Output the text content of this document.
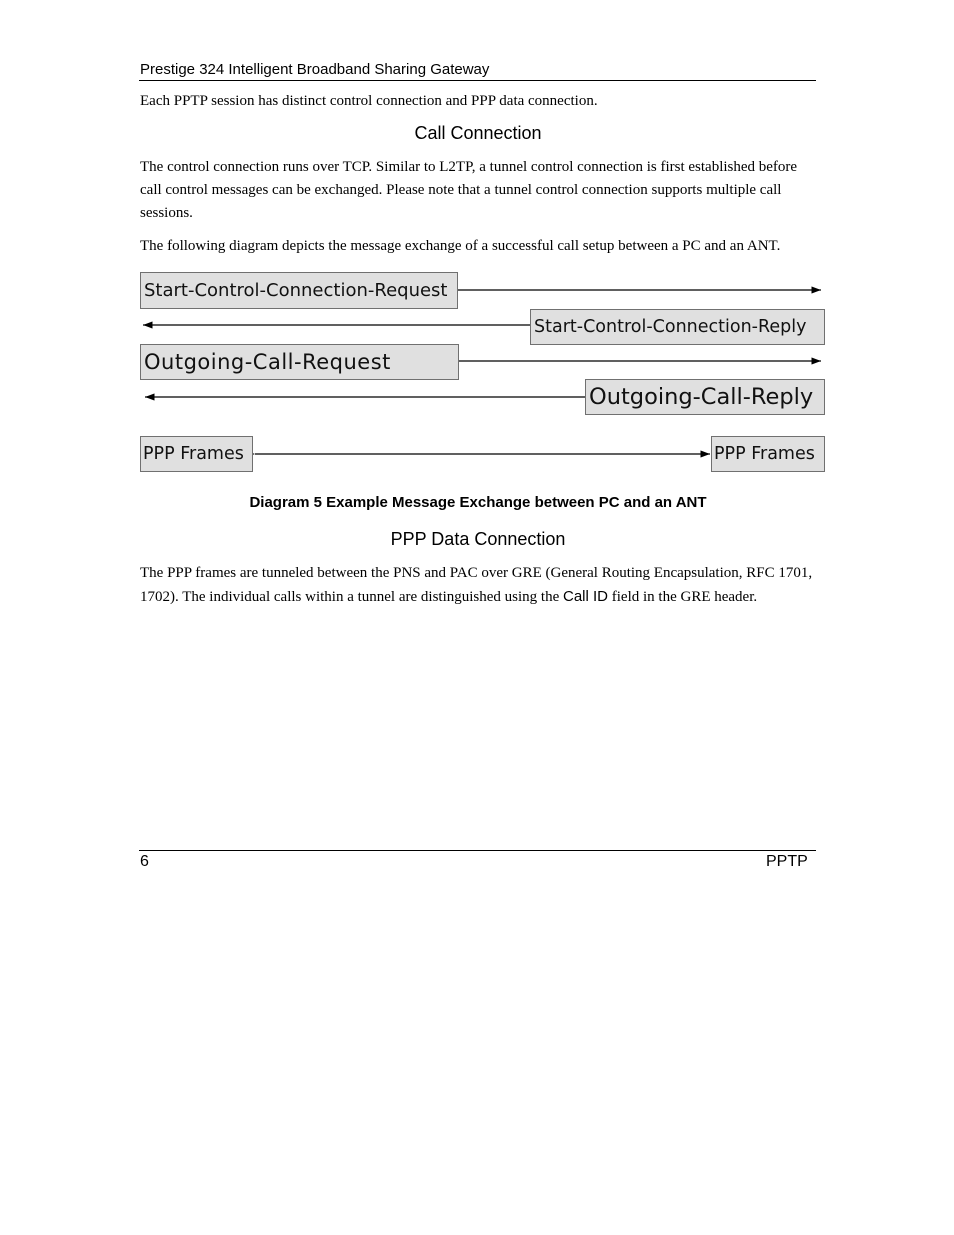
Prestige 324 Intelligent Broadband Sharing Gateway
Each PPTP session has distinct control connection and PPP data connection.
Call Connection
The control connection runs over TCP. Similar to L2TP, a tunnel control connection is first established before call control messages can be exchanged. Please note that a tunnel control connection supports multiple call sessions.
The following diagram depicts the message exchange of a successful call setup between a PC and an ANT.
Start-Control-Connection-Request
Start-Control-Connection-Reply
Outgoing-Call-Request
Outgoing-Call-Reply
PPP Frames	PPP Frames
Diagram 5 Example Message Exchange between PC and an ANT
PPP Data Connection
The PPP frames are tunneled between the PNS and PAC over GRE (General Routing Encapsulation, RFC 1701, 1702). The individual calls within a tunnel are distinguished using the Call ID field in the GRE header.
6	PPTP
